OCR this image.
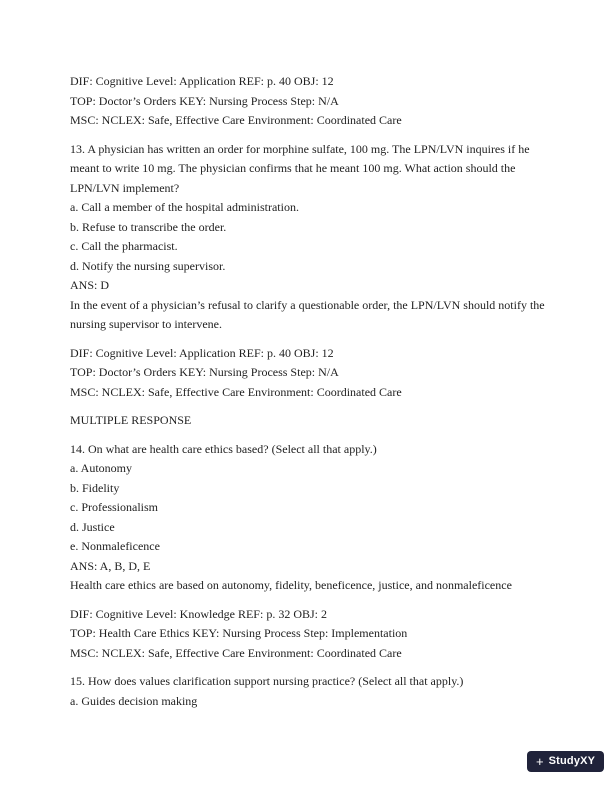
DIF: Cognitive Level: Application REF: p. 40 OBJ: 12
TOP: Doctor’s Orders KEY: Nursing Process Step: N/A
MSC: NCLEX: Safe, Effective Care Environment: Coordinated Care
13. A physician has written an order for morphine sulfate, 100 mg. The LPN/LVN inquires if he meant to write 10 mg. The physician confirms that he meant 100 mg. What action should the LPN/LVN implement?
a. Call a member of the hospital administration.
b. Refuse to transcribe the order.
c. Call the pharmacist.
d. Notify the nursing supervisor.
ANS: D
In the event of a physician’s refusal to clarify a questionable order, the LPN/LVN should notify the nursing supervisor to intervene.
DIF: Cognitive Level: Application REF: p. 40 OBJ: 12
TOP: Doctor’s Orders KEY: Nursing Process Step: N/A
MSC: NCLEX: Safe, Effective Care Environment: Coordinated Care
MULTIPLE RESPONSE
14. On what are health care ethics based? (Select all that apply.)
a. Autonomy
b. Fidelity
c. Professionalism
d. Justice
e. Nonmaleficence
ANS: A, B, D, E
Health care ethics are based on autonomy, fidelity, beneficence, justice, and nonmaleficence
DIF: Cognitive Level: Knowledge REF: p. 32 OBJ: 2
TOP: Health Care Ethics KEY: Nursing Process Step: Implementation
MSC: NCLEX: Safe, Effective Care Environment: Coordinated Care
15. How does values clarification support nursing practice? (Select all that apply.)
a. Guides decision making
+ StudyXY
